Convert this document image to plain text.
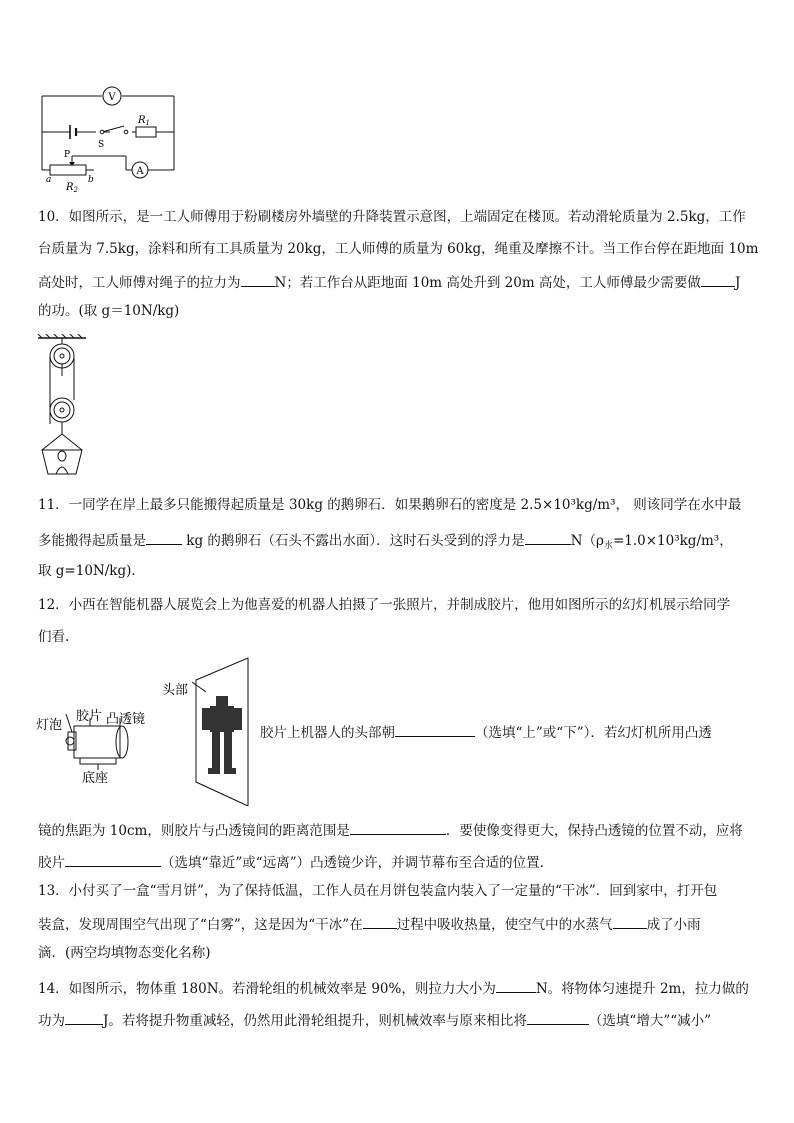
V
A
$R_1$
$R_2$
S
P
a	b
10．如图所示，是一工人师傅用于粉刷楼房外墙壁的升降装置示意图，上端固定在楼顶。若动滑轮质量为 2.5kg，工作
台质量为 7.5kg，涂料和所有工具质量为 20kg，工人师傅的质量为 60kg，绳重及摩擦不计。当工作台停在距地面 10m
高处时，工人师傅对绳子的拉力为	N；若工作台从距地面 10m 高处升到 20m 高处，工人师傅最少需要做	J
的功。(取 g＝10N/kg)
11．一同学在岸上最多只能搬得起质量是 30kg 的鹅卵石．如果鹅卵石的密度是 2.5×10³kg/m³， 则该同学在水中最
多能搬得起质量是	kg 的鹅卵石（石头不露出水面）．这时石头受到的浮力是	$N(\rho_水=1.0\times 10^3kg/m^3$，
取 g=10N/kg)．
12．小西在智能机器人展览会上为他喜爱的机器人拍摄了一张照片，并制成胶片，他用如图所示的幻灯机展示给同学
们看.
头部
灯泡
胶片 凸透镜
底座
胶片上机器人的头部朝	（选填“上”或“下”）．若幻灯机所用凸透
镜的焦距为 10cm，则胶片与凸透镜间的距离范围是	．要使像变得更大，保持凸透镜的位置不动，应将
胶片	（选填“靠近”或“远离”）凸透镜少许，并调节幕布至合适的位置.
13．小付买了一盒“雪月饼”，为了保持低温，工作人员在月饼包装盒内装入了一定量的“干冰”．回到家中，打开包
装盒，发现周围空气出现了“白雾”，这是因为“干冰”在	过程中吸收热量，使空气中的水蒸气	成了小雨
滴．(两空均填物态变化名称)
14．如图所示，物体重 180N。若滑轮组的机械效率是 90%，则拉力大小为	N。将物体匀速提升 2m，拉力做的
功为	J。若将提升物重减轻，仍然用此滑轮组提升，则机械效率与原来相比将	（选填“增大”“减小”
